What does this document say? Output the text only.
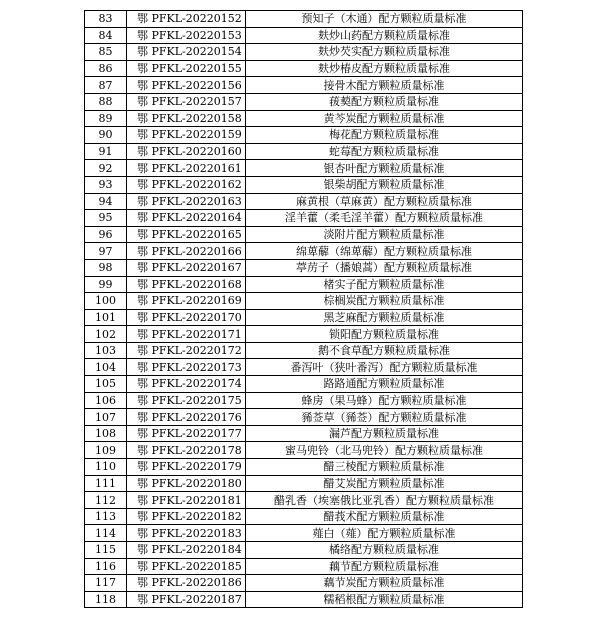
83	鄂 PFKL-20220152	预知子（木通）配方颗粒质量标准
84	鄂 PFKL-20220153	麸炒山药配方颗粒质量标准
85	鄂 PFKL-20220154	麸炒芡实配方颗粒质量标准
86	鄂 PFKL-20220155	麸炒椿皮配方颗粒质量标准
87	鄂 PFKL-20220156	接骨木配方颗粒质量标准
88	鄂 PFKL-20220157	菝葜配方颗粒质量标准
89	鄂 PFKL-20220158	黄芩炭配方颗粒质量标准
90	鄂 PFKL-20220159	梅花配方颗粒质量标准
91	鄂 PFKL-20220160	蛇莓配方颗粒质量标准
92	鄂 PFKL-20220161	银杏叶配方颗粒质量标准
93	鄂 PFKL-20220162	银柴胡配方颗粒质量标准
94	鄂 PFKL-20220163	麻黄根（草麻黄）配方颗粒质量标准
95	鄂 PFKL-20220164	淫羊藿（柔毛淫羊藿）配方颗粒质量标准
96	鄂 PFKL-20220165	淡附片配方颗粒质量标准
97	鄂 PFKL-20220166	绵萆薢（绵萆薢）配方颗粒质量标准
98	鄂 PFKL-20220167	葶苈子（播娘蒿）配方颗粒质量标准
99	鄂 PFKL-20220168	楮实子配方颗粒质量标准
100	鄂 PFKL-20220169	棕榈炭配方颗粒质量标准
101	鄂 PFKL-20220170	黑芝麻配方颗粒质量标准
102	鄂 PFKL-20220171	锁阳配方颗粒质量标准
103	鄂 PFKL-20220172	鹅不食草配方颗粒质量标准
104	鄂 PFKL-20220173	番泻叶（狭叶番泻）配方颗粒质量标准
105	鄂 PFKL-20220174	路路通配方颗粒质量标准
106	鄂 PFKL-20220175	蜂房（果马蜂）配方颗粒质量标准
107	鄂 PFKL-20220176	豨莶草（豨莶）配方颗粒质量标准
108	鄂 PFKL-20220177	漏芦配方颗粒质量标准
109	鄂 PFKL-20220178	蜜马兜铃（北马兜铃）配方颗粒质量标准
110	鄂 PFKL-20220179	醋三棱配方颗粒质量标准
111	鄂 PFKL-20220180	醋艾炭配方颗粒质量标准
112	鄂 PFKL-20220181	醋乳香（埃塞俄比亚乳香）配方颗粒质量标准
113	鄂 PFKL-20220182	醋莪术配方颗粒质量标准
114	鄂 PFKL-20220183	薤白（薤）配方颗粒质量标准
115	鄂 PFKL-20220184	橘络配方颗粒质量标准
116	鄂 PFKL-20220185	藕节配方颗粒质量标准
117	鄂 PFKL-20220186	藕节炭配方颗粒质量标准
118	鄂 PFKL-20220187	糯稻根配方颗粒质量标准
